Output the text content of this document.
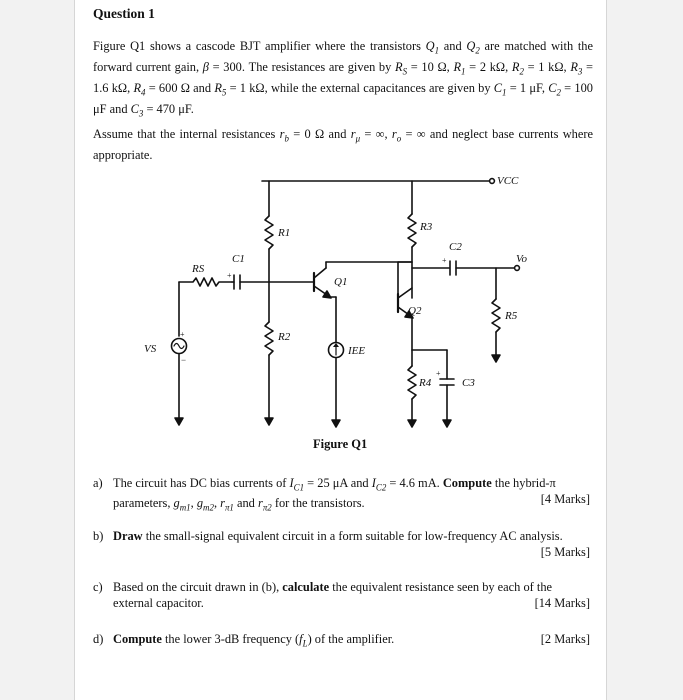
Question 1
Figure Q1 shows a cascode BJT amplifier where the transistors $Q_1$ and $Q_2$ are matched with the forward current gain, β = 300. The resistances are given by $R_S = 10$ Ω, $R_1 = 2$ kΩ, $R_2 = 1$ kΩ, $R_3 = 1.6$ kΩ, $R_4 = 600$ Ω and $R_5 = 1$ kΩ, while the external capacitances are given by $C_1 = 1$ μF, $C_2 = 100$ μF and $C_3 = 470$ μF.
Assume that the internal resistances $r_b = 0$ Ω and $r_\mu$ = ∞, $r_o$ = ∞ and neglect base currents where appropriate.
VCC
R1
R2
VS
+
−
RS
C1
+
Q1
IEE
R3
Q2
R4
+
C3
C2
+	Vo
R5
Figure Q1
a) The circuit has DC bias currents of $I_{C1} = 25$ μA and $I_{C2} = 4.6$ mA. Compute the hybrid-π parameters, $g_{m1}$, $g_{m2}$, $r_{\pi 1}$ and $r_{\pi 2}$ for the transistors.	[4 Marks]
b) Draw the small-signal equivalent circuit in a form suitable for low-frequency AC analysis.
[5 Marks]
c) Based on the circuit drawn in (b), calculate the equivalent resistance seen by each of the external capacitor.	[14 Marks]
d) Compute the lower 3-dB frequency $(f_L)$ of the amplifier.	[2 Marks]
